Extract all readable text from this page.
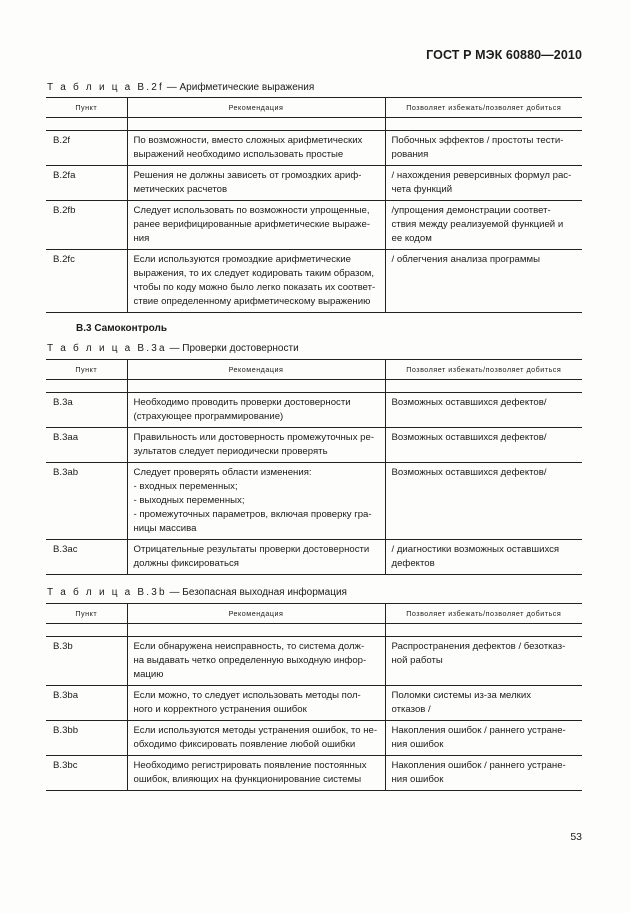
ГОСТ Р МЭК 60880—2010
Т а б л и ц а В.2f — Арифметические выражения
Пункт	Рекомендация	Позволяет избежать/позволяет добиться

B.2f	По возможности, вместо сложных арифметических
выражений необходимо использовать простые	Побочных эффектов / простоты тести-
рования

B.2fa	Решения не должны зависеть от громоздких ариф-
метических расчетов	/ нахождения реверсивных формул рас-
чета функций

B.2fb	Следует использовать по возможности упрощенные,
ранее верифицированные арифметические выраже-
ния	/упрощения демонстрации соответ-
ствия между реализуемой функцией и
ее кодом

B.2fc	Если используются громоздкие арифметические
выражения, то их следует кодировать таким образом,
чтобы по коду можно было легко показать их соответ-
ствие определенному арифметическому выражению	/ облегчения анализа программы
В.3 Самоконтроль
Т а б л и ц а В.3а — Проверки достоверности
Пункт	Рекомендация	Позволяет избежать/позволяет добиться

B.3a	Необходимо проводить проверки достоверности
(страхующее программирование)	Возможных оставшихся дефектов/

B.3aa	Правильность или достоверность промежуточных ре-
зультатов следует периодически проверять	Возможных оставшихся дефектов/

B.3ab	Следует проверять области изменения:
- входных переменных;
- выходных переменных;
- промежуточных параметров, включая проверку гра-
ницы массива	Возможных оставшихся дефектов/

B.3ac	Отрицательные результаты проверки достоверности
должны фиксироваться	/ диагностики возможных оставшихся
дефектов
Т а б л и ц а В.3b — Безопасная выходная информация
Пункт	Рекомендация	Позволяет избежать/позволяет добиться

B.3b	Если обнаружена неисправность, то система долж-
на выдавать четко определенную выходную инфор-
мацию	Распространения дефектов / безотказ-
ной работы

B.3ba	Если можно, то следует использовать методы пол-
ного и корректного устранения ошибок	Поломки системы из-за мелких
отказов /

B.3bb	Если используются методы устранения ошибок, то не-
обходимо фиксировать появление любой ошибки	Накопления ошибок / раннего устране-
ния ошибок

B.3bc	Необходимо регистрировать появление постоянных
ошибок, влияющих на функционирование системы	Накопления ошибок / раннего устране-
ния ошибок
53
